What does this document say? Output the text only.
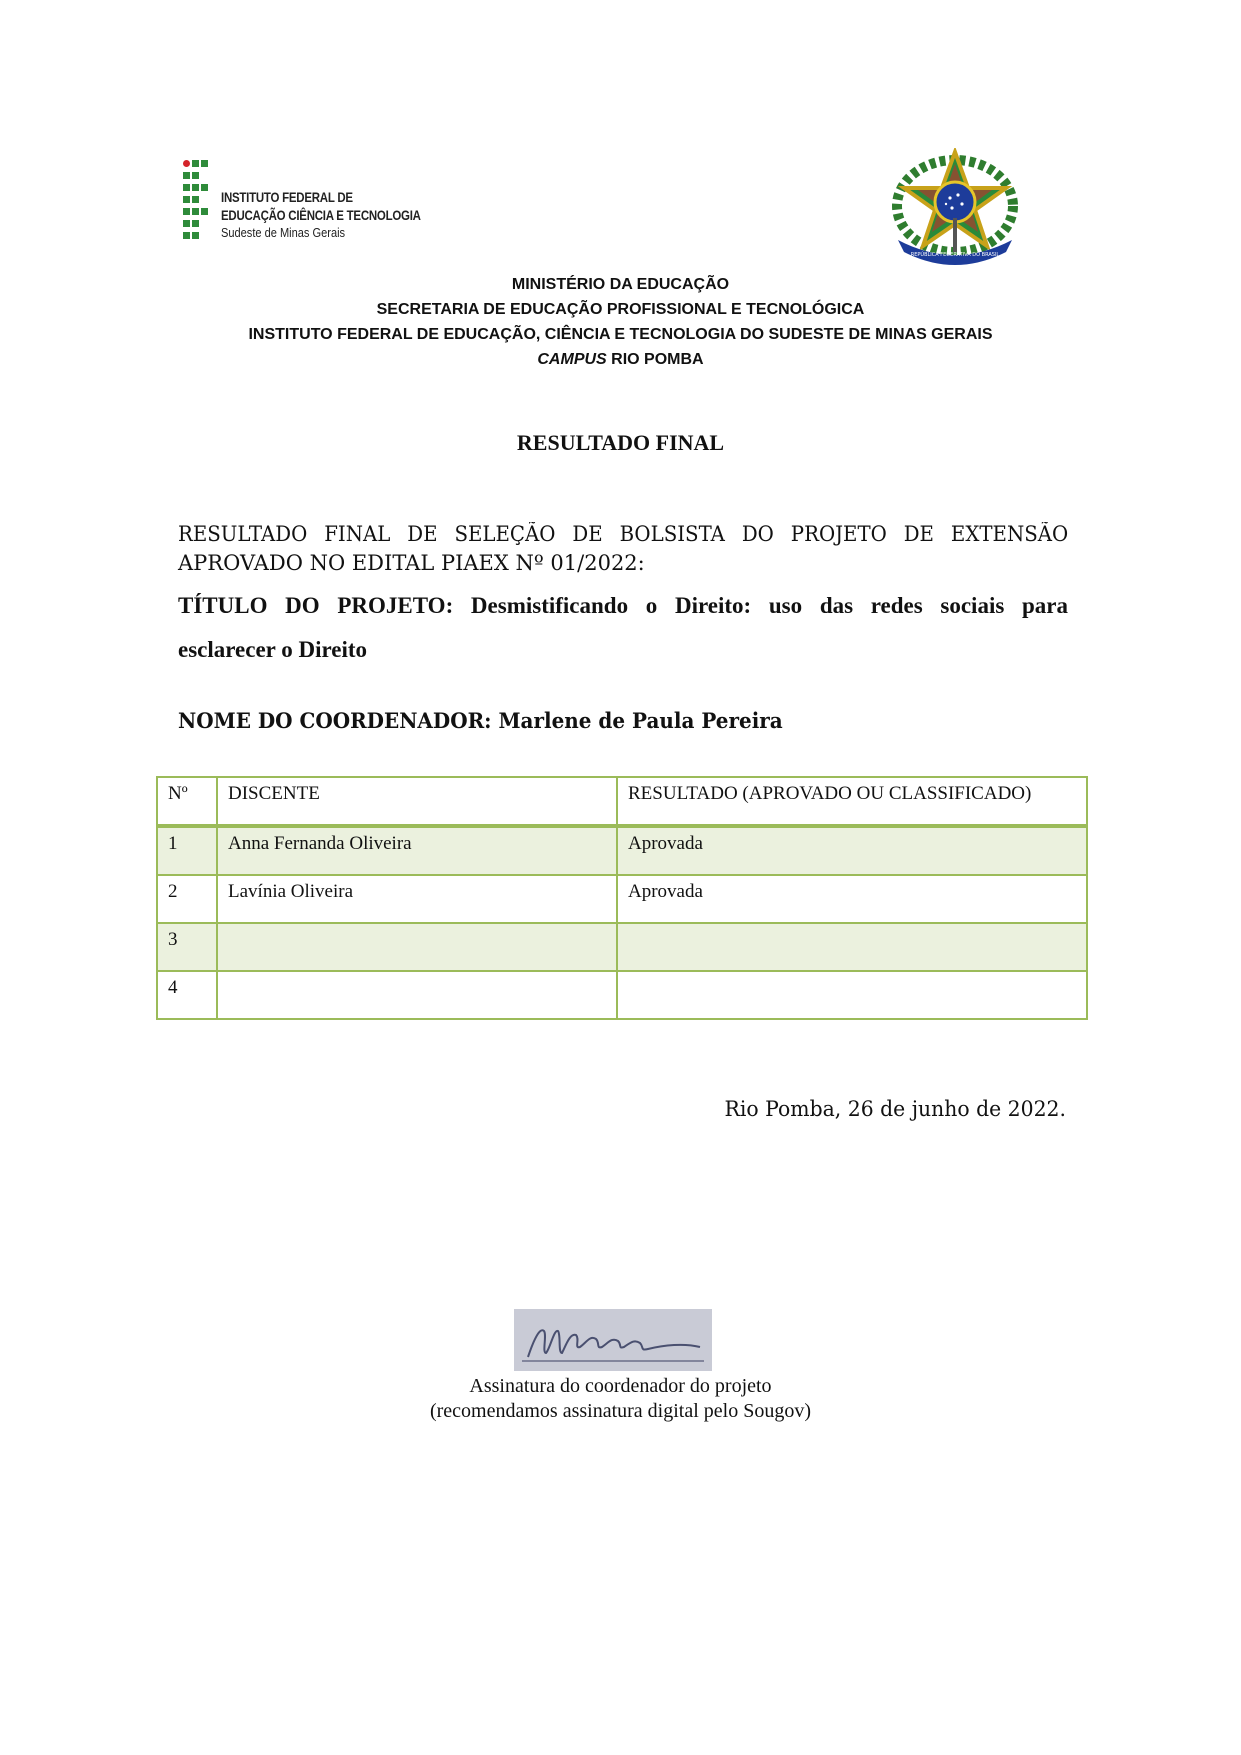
INSTITUTO FEDERAL DE
EDUCAÇÃO CIÊNCIA E TECNOLOGIA
Sudeste de Minas Gerais
REPÚBLICA FEDERATIVA DO BRASIL
MINISTÉRIO DA EDUCAÇÃO
SECRETARIA DE EDUCAÇÃO PROFISSIONAL E TECNOLÓGICA
INSTITUTO FEDERAL DE EDUCAÇÃO, CIÊNCIA E TECNOLOGIA DO SUDESTE DE MINAS GERAIS
CAMPUS RIO POMBA
RESULTADO FINAL
RESULTADO FINAL DE SELEÇÃO DE BOLSISTA DO PROJETO DE EXTENSÃO
APROVADO NO EDITAL PIAEX Nº 01/2022:
TÍTULO DO PROJETO: Desmistificando o Direito: uso das redes sociais para
esclarecer o Direito
NOME DO COORDENADOR: Marlene de Paula Pereira
Nº	DISCENTE	RESULTADO (APROVADO OU CLASSIFICADO)
1	Anna Fernanda Oliveira	Aprovada
2	Lavínia Oliveira	Aprovada
3		
4		
Rio Pomba, 26 de junho de 2022.
Assinatura do coordenador do projeto
(recomendamos assinatura digital pelo Sougov)
